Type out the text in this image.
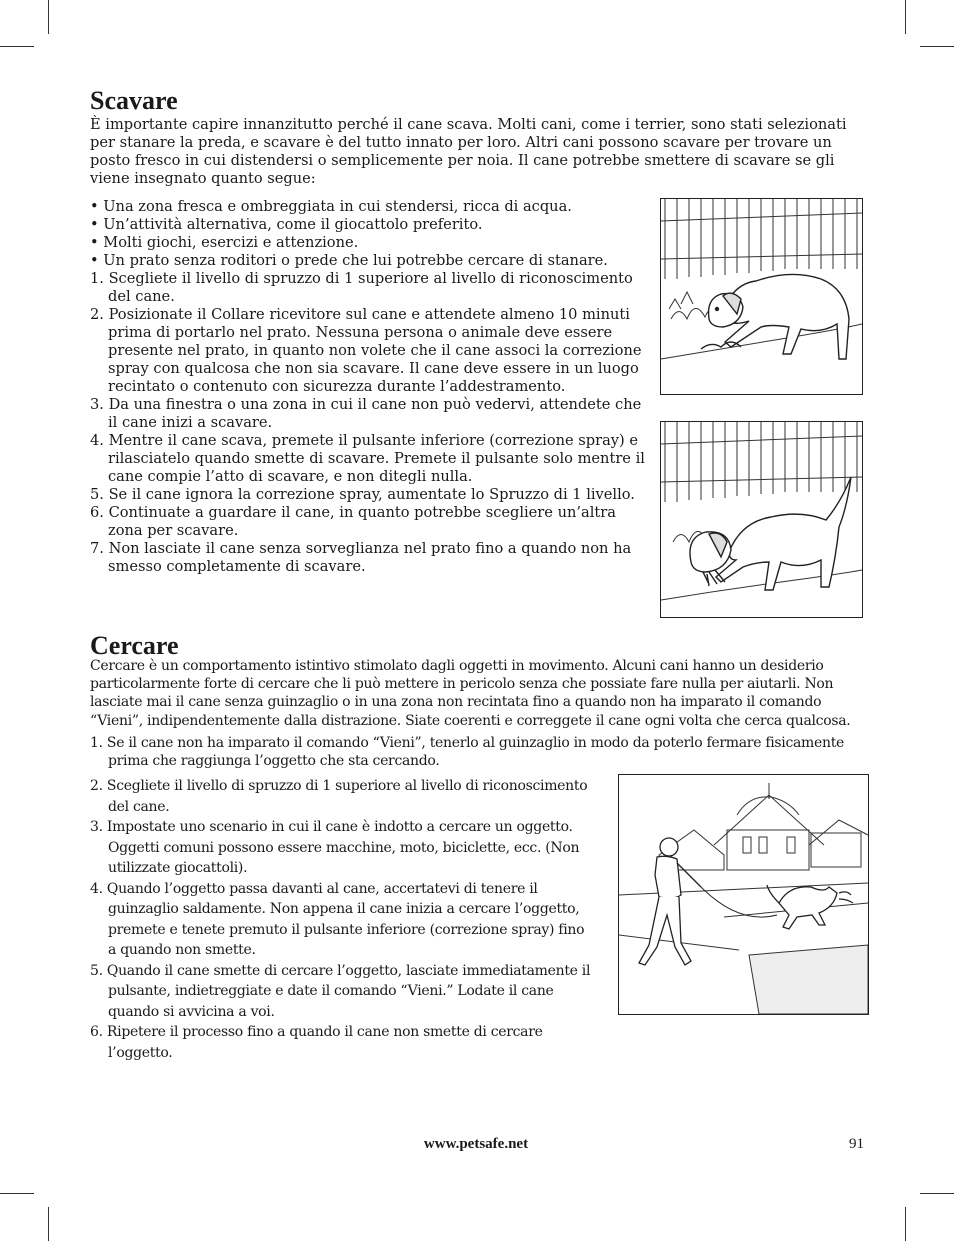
Scavare

È importante capire innanzitutto perché il cane scava. Molti cani, come i terrier, sono stati selezionati per stanare la preda, e scavare è del tutto innato per loro. Altri cani possono scavare per trovare un posto fresco in cui distendersi o semplicemente per noia. Il cane potrebbe smettere di scavare se gli viene insegnato quanto segue:

• Una zona fresca e ombreggiata in cui stendersi, ricca di acqua.
• Un’attività alternativa, come il giocattolo preferito.
• Molti giochi, esercizi e attenzione.
• Un prato senza roditori o prede che lui potrebbe cercare di stanare.
1. Scegliete il livello di spruzzo di 1 superiore al livello di riconoscimento del cane.
2. Posizionate il Collare ricevitore sul cane e attendete almeno 10 minuti prima di portarlo nel prato. Nessuna persona o animale deve essere presente nel prato, in quanto non volete che il cane associ la correzione spray con qualcosa che non sia scavare. Il cane deve essere in un luogo recintato o contenuto con sicurezza durante l’addestramento.
3. Da una finestra o una zona in cui il cane non può vedervi, attendete che il cane inizi a scavare.
4. Mentre il cane scava, premete il pulsante inferiore (correzione spray) e rilasciatelo quando smette di scavare. Premete il pulsante solo mentre il cane compie l’atto di scavare, e non ditegli nulla.
5. Se il cane ignora la correzione spray, aumentate lo Spruzzo di 1 livello.
6. Continuate a guardare il cane, in quanto potrebbe scegliere un’altra zona per scavare.
7. Non lasciate il cane senza sorveglianza nel prato fino a quando non ha smesso completamente di scavare.
Cercare

Cercare è un comportamento istintivo stimolato dagli oggetti in movimento. Alcuni cani hanno un desiderio particolarmente forte di cercare che li può mettere in pericolo senza che possiate fare nulla per aiutarli. Non lasciate mai il cane senza guinzaglio o in una zona non recintata fino a quando non ha imparato il comando “Vieni”, indipendentemente dalla distrazione. Siate coerenti e correggete il cane ogni volta che cerca qualcosa.

1. Se il cane non ha imparato il comando “Vieni”, tenerlo al guinzaglio in modo da poterlo fermare fisicamente prima che raggiunga l’oggetto che sta cercando.
2. Scegliete il livello di spruzzo di 1 superiore al livello di riconoscimento del cane.
3. Impostate uno scenario in cui il cane è indotto a cercare un oggetto. Oggetti comuni possono essere macchine, moto, biciclette, ecc. (Non utilizzate giocattoli).
4. Quando l’oggetto passa davanti al cane, accertatevi di tenere il guinzaglio saldamente. Non appena il cane inizia a cercare l’oggetto, premete e tenete premuto il pulsante inferiore (correzione spray) fino a quando non smette.
5. Quando il cane smette di cercare l’oggetto, lasciate immediatamente il pulsante, indietreggiate e date il comando “Vieni.” Lodate il cane quando si avvicina a voi.
6. Ripetere il processo fino a quando il cane non smette di cercare l’oggetto.
www.petsafe.net	91
